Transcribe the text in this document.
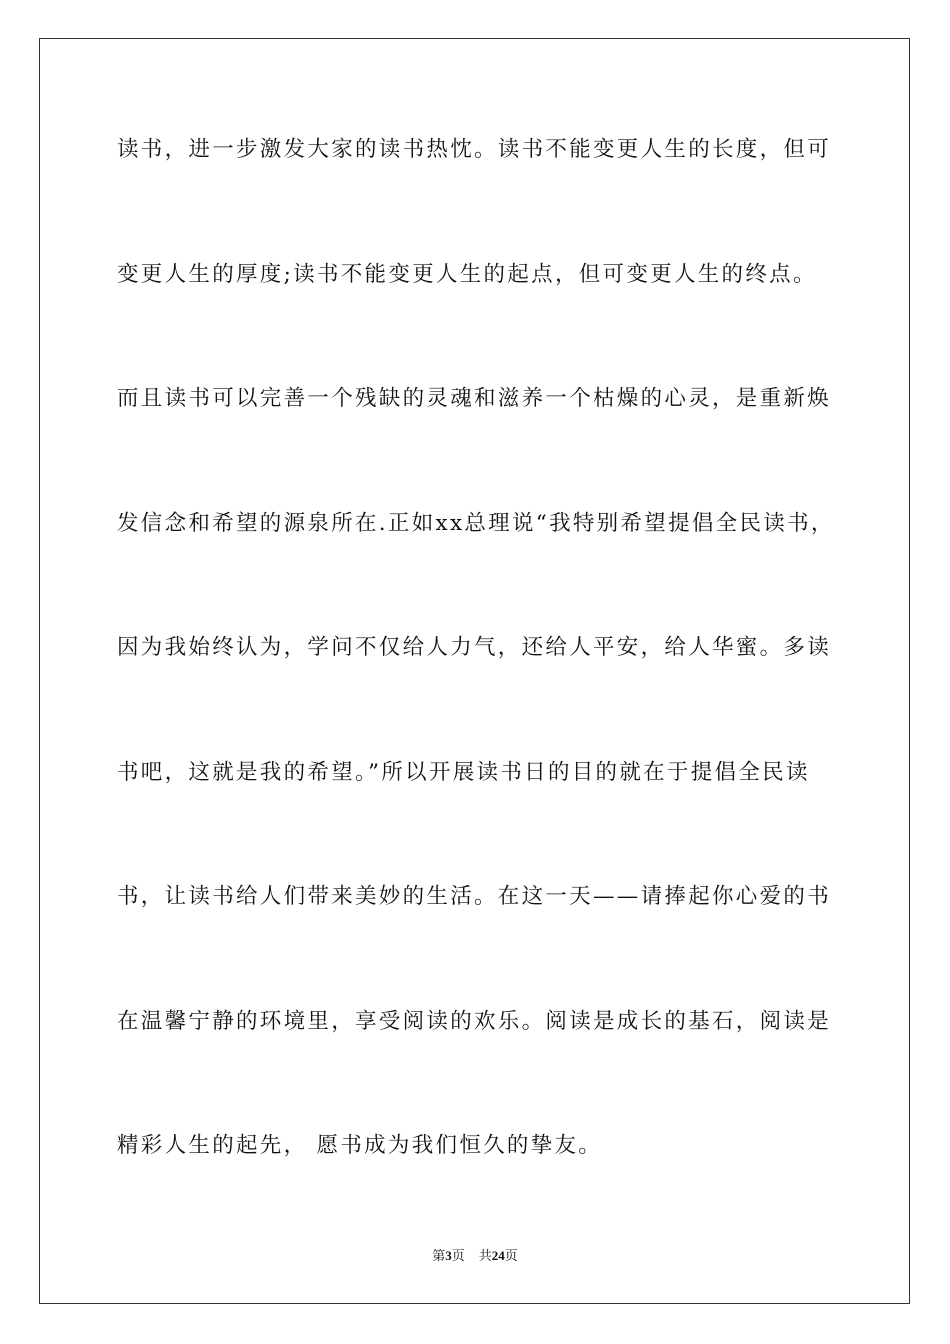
读书，进一步激发大家的读书热忱。读书不能变更人生的长度，但可
变更人生的厚度;读书不能变更人生的起点，但可变更人生的终点。
而且读书可以完善一个残缺的灵魂和滋养一个枯燥的心灵，是重新焕
发信念和希望的源泉所在.正如xx总理说“我特别希望提倡全民读书，
因为我始终认为，学问不仅给人力气，还给人平安，给人华蜜。多读
书吧，这就是我的希望。”所以开展读书日的目的就在于提倡全民读
书，让读书给人们带来美妙的生活。在这一天——请捧起你心爱的书
在温馨宁静的环境里，享受阅读的欢乐。阅读是成长的基石，阅读是
精彩人生的起先， 愿书成为我们恒久的挚友。
第3页 共24页
